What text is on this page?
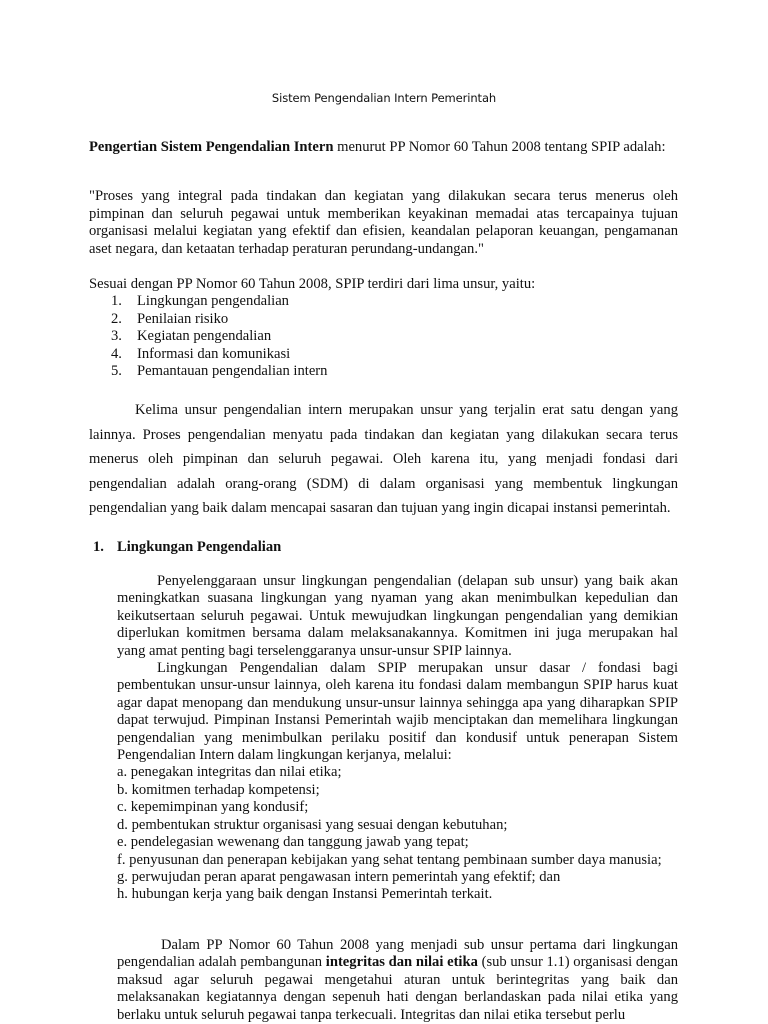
Sistem Pengendalian Intern Pemerintah

Pengertian Sistem Pengendalian Intern menurut PP Nomor 60 Tahun 2008 tentang SPIP adalah:

"Proses yang integral pada tindakan dan kegiatan yang dilakukan secara terus menerus oleh pimpinan dan seluruh pegawai untuk memberikan keyakinan memadai atas tercapainya tujuan organisasi melalui kegiatan yang efektif dan efisien, keandalan pelaporan keuangan, pengamanan aset negara, dan ketaatan terhadap peraturan perundang-undangan."

Sesuai dengan PP Nomor 60 Tahun 2008, SPIP terdiri dari lima unsur, yaitu:

1. Lingkungan pengendalian
2. Penilaian risiko
3. Kegiatan pengendalian
4. Informasi dan komunikasi
5. Pemantauan pengendalian intern
Kelima unsur pengendalian intern merupakan unsur yang terjalin erat satu dengan yang lainnya. Proses pengendalian menyatu pada tindakan dan kegiatan yang dilakukan secara terus menerus oleh pimpinan dan seluruh pegawai. Oleh karena itu, yang menjadi fondasi dari pengendalian adalah orang-orang (SDM) di dalam organisasi yang membentuk lingkungan pengendalian yang baik dalam mencapai sasaran dan tujuan yang ingin dicapai instansi pemerintah.
1. Lingkungan Pengendalian

Penyelenggaraan unsur lingkungan pengendalian (delapan sub unsur) yang baik akan meningkatkan suasana lingkungan yang nyaman yang akan menimbulkan kepedulian dan keikutsertaan seluruh pegawai. Untuk mewujudkan lingkungan pengendalian yang demikian diperlukan komitmen bersama dalam melaksanakannya. Komitmen ini juga merupakan hal yang amat penting bagi terselenggaranya unsur-unsur SPIP lainnya.

Lingkungan Pengendalian dalam SPIP merupakan unsur dasar / fondasi bagi pembentukan unsur-unsur lainnya, oleh karena itu fondasi dalam membangun SPIP harus kuat agar dapat menopang dan mendukung unsur-unsur lainnya sehingga apa yang diharapkan SPIP dapat terwujud. Pimpinan Instansi Pemerintah wajib menciptakan dan memelihara lingkungan pengendalian yang menimbulkan perilaku positif dan kondusif untuk penerapan Sistem Pengendalian Intern dalam lingkungan kerjanya, melalui:

a. penegakan integritas dan nilai etika;

b. komitmen terhadap kompetensi;

c. kepemimpinan yang kondusif;

d. pembentukan struktur organisasi yang sesuai dengan kebutuhan;

e. pendelegasian wewenang dan tanggung jawab yang tepat;

f. penyusunan dan penerapan kebijakan yang sehat tentang pembinaan sumber daya manusia;

g. perwujudan peran aparat pengawasan intern pemerintah yang efektif; dan

h. hubungan kerja yang baik dengan Instansi Pemerintah terkait.

Dalam PP Nomor 60 Tahun 2008 yang menjadi sub unsur pertama dari lingkungan pengendalian adalah pembangunan integritas dan nilai etika (sub unsur 1.1) organisasi dengan maksud agar seluruh pegawai mengetahui aturan untuk berintegritas yang baik dan melaksanakan kegiatannya dengan sepenuh hati dengan berlandaskan pada nilai etika yang berlaku untuk seluruh pegawai tanpa terkecuali. Integritas dan nilai etika tersebut perlu
